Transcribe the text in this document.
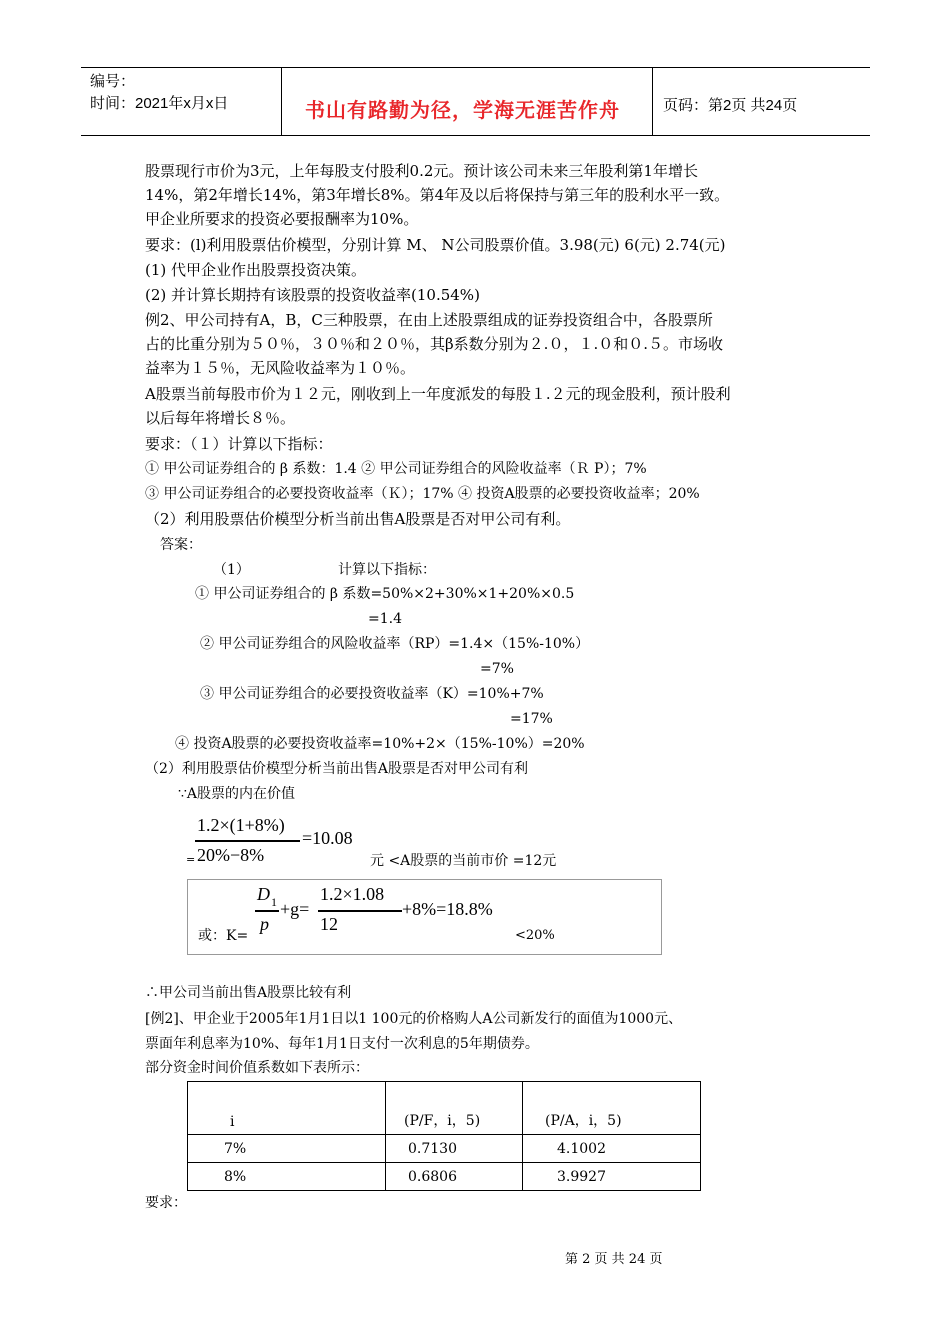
编号：
时间：2021年x月x日	书山有路勤为径，学海无涯苦作舟	页码：第2页 共24页
股票现行市价为3元，上年每股支付股利0.2元。预计该公司未来三年股利第1年增长
14%，第2年增长14%，第3年增长8%。第4年及以后将保持与第三年的股利水平一致。
甲企业所要求的投资必要报酬率为10%。
要求：(l)利用股票估价模型，分别计算 M、 N公司股票价值。3.98(元) 6(元) 2.74(元)
(1) 代甲企业作出股票投资决策。
(2) 并计算长期持有该股票的投资收益率(10.54%)
例2、甲公司持有A，B，C三种股票，在由上述股票组成的证券投资组合中，各股票所
占的比重分别为５０％，３０％和２０％，其β系数分别为２.０，１.０和０.５。市场收
益率为１５％，无风险收益率为１０％。
A股票当前每股市价为１２元，刚收到上一年度派发的每股１.２元的现金股利，预计股利
以后每年将增长８％。
要求：（１）计算以下指标：
① 甲公司证券组合的 β 系数：1.4 ② 甲公司证券组合的风险收益率（Ｒ P）；7%
③ 甲公司证券组合的必要投资收益率（Ｋ）；17% ④ 投资A股票的必要投资收益率；20%
（2）利用股票估价模型分析当前出售A股票是否对甲公司有利。
答案：
（1）	计算以下指标：
① 甲公司证券组合的 β 系数=50%×2+30%×1+20%×0.5
=1.4
② 甲公司证券组合的风险收益率（RP）=1.4×（15%-10%）
=7%
③ 甲公司证券组合的必要投资收益率（K）=10%+7%
=17%
④ 投资A股票的必要投资收益率=10%+2×（15%-10%）=20%
（2）利用股票估价模型分析当前出售A股票是否对甲公司有利
∵A股票的内在价值
1.2×(1+8%)
=10.08
= 20%−8%	元 <A股票的当前市价 =12元
或：K=
D 1
p
+g=
1.2×1.08
12
+8%=18.8%
<20%
∴甲公司当前出售A股票比较有利
[例2]、甲企业于2005年1月1日以1 100元的价格购人A公司新发行的面值为1000元、
票面年利息率为10%、每年1月1日支付一次利息的5年期债券。
部分资金时间价值系数如下表所示：
i	(P/F，i，5)	(P/A，i，5)
7%	0.7130	4.1002
8%	0.6806	3.9927
要求：
第 2 页 共 24 页
